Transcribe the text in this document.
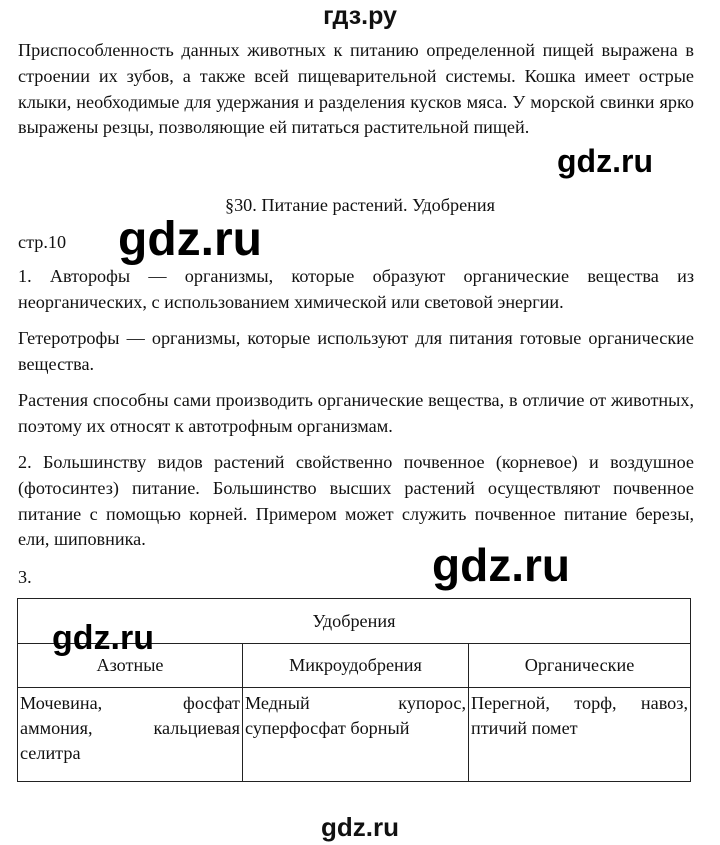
гдз.ру

Приспособленность данных животных к питанию определенной пищей выражена в строении их зубов, а также всей пищеварительной системы. Кошка имеет острые клыки, необходимые для удержания и разделения кусков мяса. У морской свинки ярко выражены резцы, позволяющие ей питаться растительной пищей.

gdz.ru
§30. Питание растений. Удобрения
стр.10 gdz.ru

1. Авторофы — организмы, которые образуют органические вещества из неорганических, с использованием химической или световой энергии.

Гетеротрофы — организмы, которые используют для питания готовые органические вещества.

Растения способны сами производить органические вещества, в отличие от животных, поэтому их относят к автотрофным организмам.

2. Большинству видов растений свойственно почвенное (корневое) и воздушное (фотосинтез) питание. Большинство высших растений осуществляют почвенное питание с помощью корней. Примером может служить почвенное питание березы, ели, шиповника.

3.	gdz.ru
Удобрения		
Азотные	Микроудобрения	Органические
Мочевина, фосфат аммония, кальциевая селитра	Медный купорос, суперфосфат борный	Перегной, торф, навоз, птичий помет
gdz.ru
gdz.ru
